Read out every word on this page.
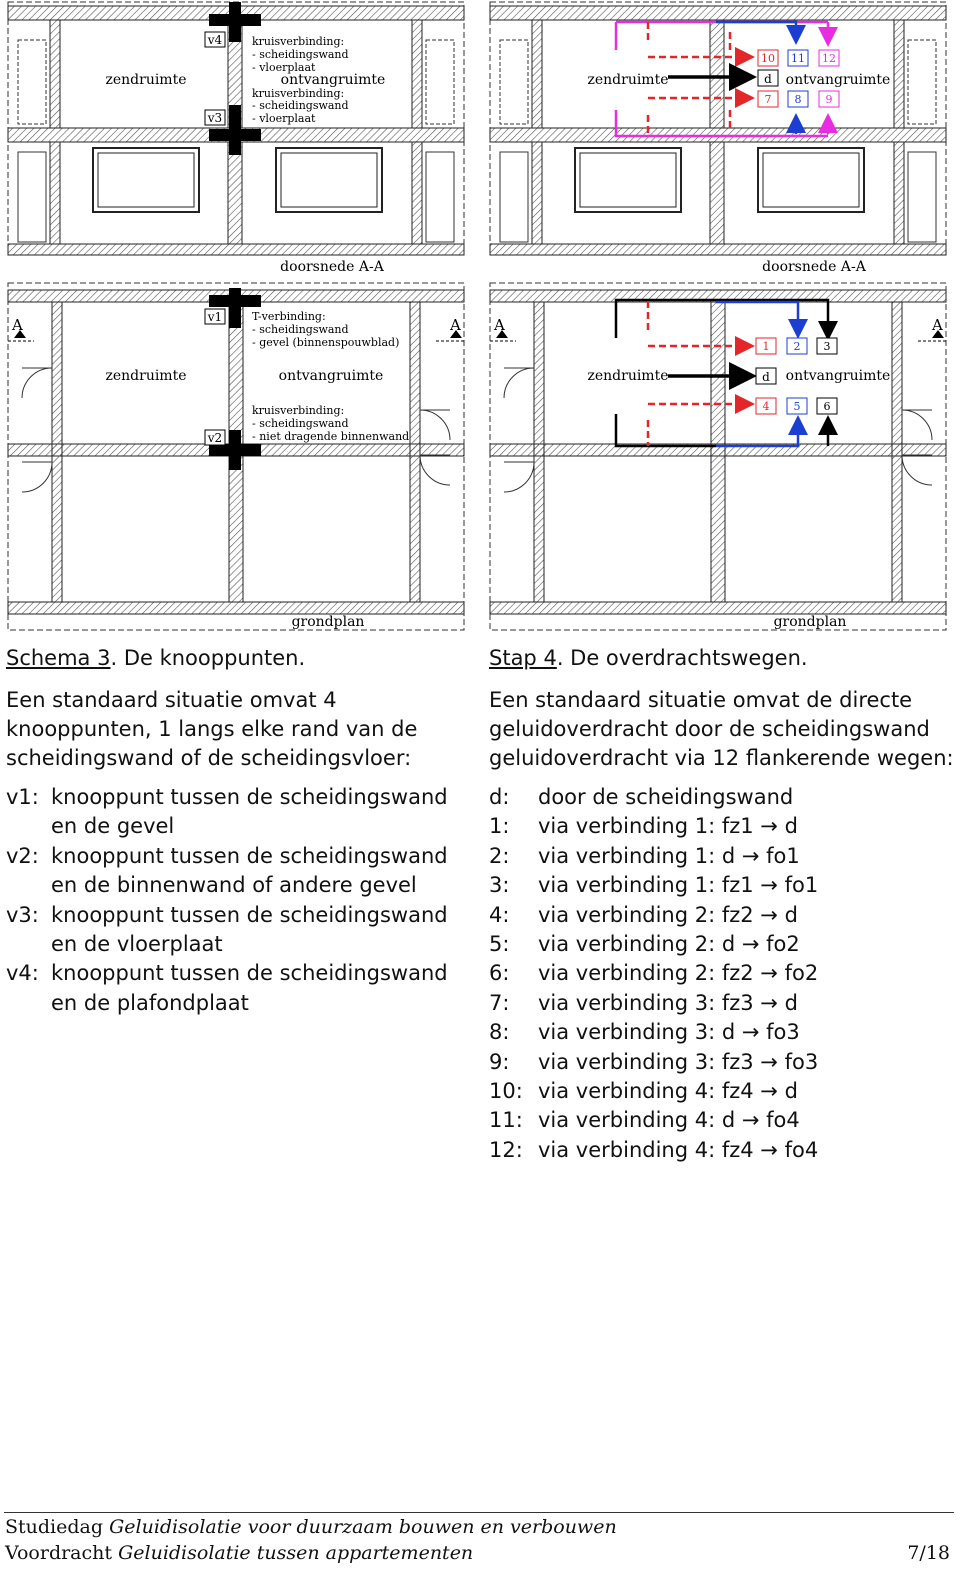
zendruimte	ontvangruimte
v4
v3
kruisverbinding: - scheidingswand - vloerplaat
kruisverbinding: - scheidingswand - vloerplaat
doorsnede A-A
A	A
v1
v2
T-verbinding: - scheidingswand - gevel (binnenspouwblad)
zendruimte	ontvangruimte
kruisverbinding: - scheidingswand - niet dragende binnenwand
grondplan
zendruimte	ontvangruimte
10 11 12
d
7 8 9
doorsnede A-A
A	A
zendruimte	ontvangruimte
1 2 3
d
4 5 6
grondplan
Schema 3. De knooppunten.	Stap 4. De overdrachtswegen.
Een standaard situatie omvat 4 knooppunten, 1 langs elke rand van de scheidingswand of de scheidingsvloer:
Een standaard situatie omvat de directe geluidoverdracht door de scheidingswand geluidoverdracht via 12 flankerende wegen:
v1: knooppunt tussen de scheidingswand en de gevel
v2: knooppunt tussen de scheidingswand en de binnenwand of andere gevel
v3: knooppunt tussen de scheidingswand en de vloerplaat
v4: knooppunt tussen de scheidingswand en de plafondplaat
d:	door de scheidingswand
1:	via verbinding 1: fz1 → d
2:	via verbinding 1: d → fo1
3:	via verbinding 1: fz1 → fo1
4:	via verbinding 2: fz2 → d
5:	via verbinding 2: d → fo2
6:	via verbinding 2: fz2 → fo2
7:	via verbinding 3: fz3 → d
8:	via verbinding 3: d → fo3
9:	via verbinding 3: fz3 → fo3
10: via verbinding 4: fz4 → d
11: via verbinding 4: d → fo4
12: via verbinding 4: fz4 → fo4
Studiedag Geluidisolatie voor duurzaam bouwen en verbouwen
Voordracht Geluidisolatie tussen appartementen	7/18
